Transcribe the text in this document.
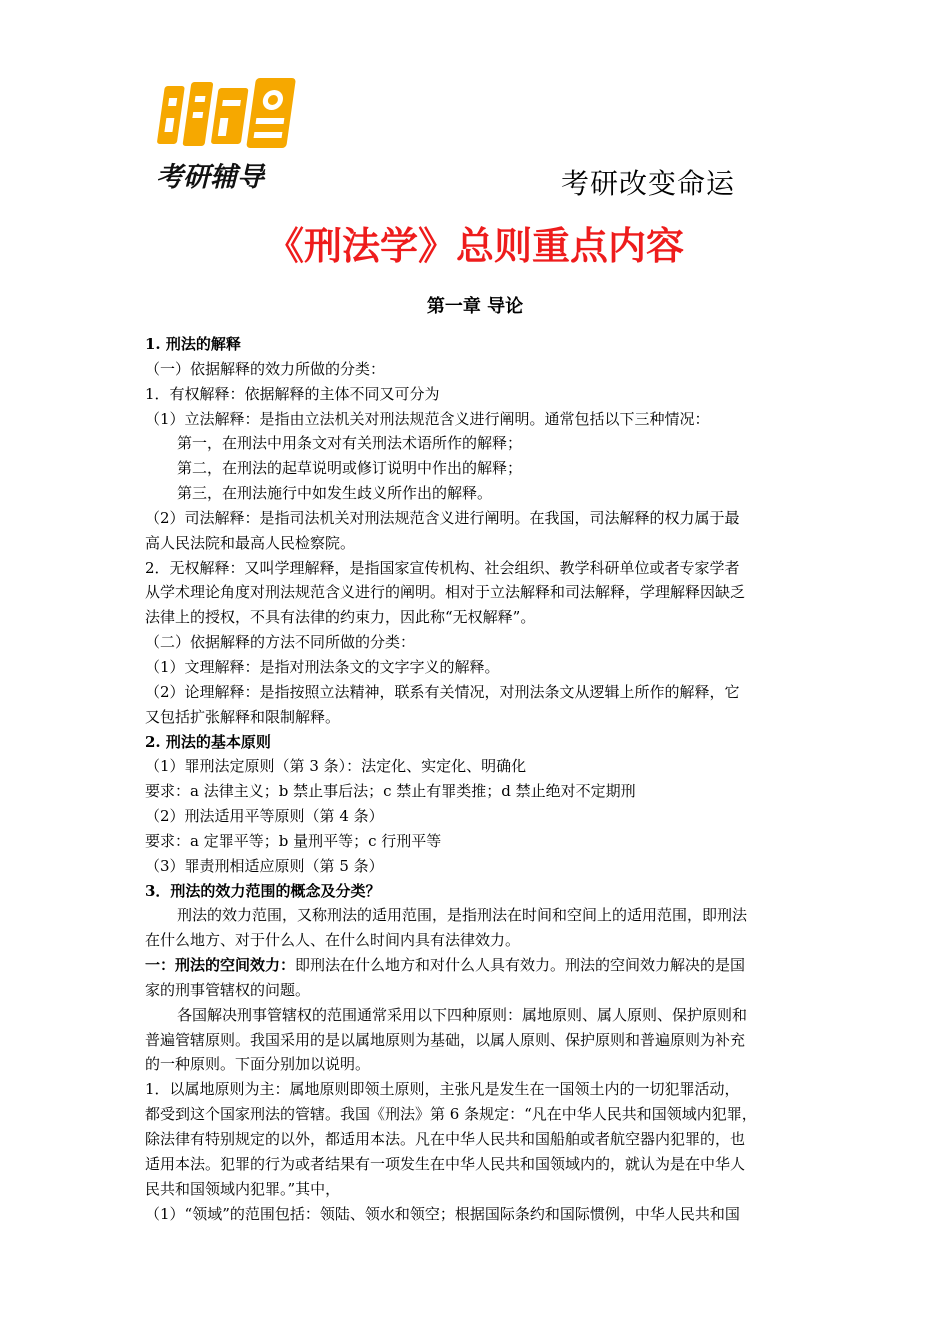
考研辅导	考研改变命运
《刑法学》总则重点内容
第一章 导论
1. 刑法的解释
（一）依据解释的效力所做的分类：
1．有权解释：依据解释的主体不同又可分为
（1）立法解释：是指由立法机关对刑法规范含义进行阐明。通常包括以下三种情况：
第一，在刑法中用条文对有关刑法术语所作的解释；
第二，在刑法的起草说明或修订说明中作出的解释；
第三，在刑法施行中如发生歧义所作出的解释。
（2）司法解释：是指司法机关对刑法规范含义进行阐明。在我国，司法解释的权力属于最
高人民法院和最高人民检察院。
2．无权解释：又叫学理解释，是指国家宣传机构、社会组织、教学科研单位或者专家学者
从学术理论角度对刑法规范含义进行的阐明。相对于立法解释和司法解释，学理解释因缺乏
法律上的授权，不具有法律的约束力，因此称“无权解释”。
（二）依据解释的方法不同所做的分类：
（1）文理解释：是指对刑法条文的文字字义的解释。
（2）论理解释：是指按照立法精神，联系有关情况，对刑法条文从逻辑上所作的解释，它
又包括扩张解释和限制解释。
2. 刑法的基本原则
（1）罪刑法定原则（第 3 条）：法定化、实定化、明确化
要求：a 法律主义；b 禁止事后法；c 禁止有罪类推；d 禁止绝对不定期刑
（2）刑法适用平等原则（第 4 条）
要求：a 定罪平等；b 量刑平等；c 行刑平等
（3）罪责刑相适应原则（第 5 条）
3．刑法的效力范围的概念及分类？
刑法的效力范围，又称刑法的适用范围，是指刑法在时间和空间上的适用范围，即刑法
在什么地方、对于什么人、在什么时间内具有法律效力。
一：刑法的空间效力：即刑法在什么地方和对什么人具有效力。刑法的空间效力解决的是国
家的刑事管辖权的问题。
各国解决刑事管辖权的范围通常采用以下四种原则：属地原则、属人原则、保护原则和
普遍管辖原则。我国采用的是以属地原则为基础，以属人原则、保护原则和普遍原则为补充
的一种原则。下面分别加以说明。
1．以属地原则为主：属地原则即领土原则，主张凡是发生在一国领土内的一切犯罪活动，
都受到这个国家刑法的管辖。我国《刑法》第 6 条规定：“凡在中华人民共和国领域内犯罪，
除法律有特别规定的以外，都适用本法。凡在中华人民共和国船舶或者航空器内犯罪的，也
适用本法。犯罪的行为或者结果有一项发生在中华人民共和国领域内的，就认为是在中华人
民共和国领域内犯罪。”其中，
（1）“领域”的范围包括：领陆、领水和领空；根据国际条约和国际惯例，中华人民共和国
